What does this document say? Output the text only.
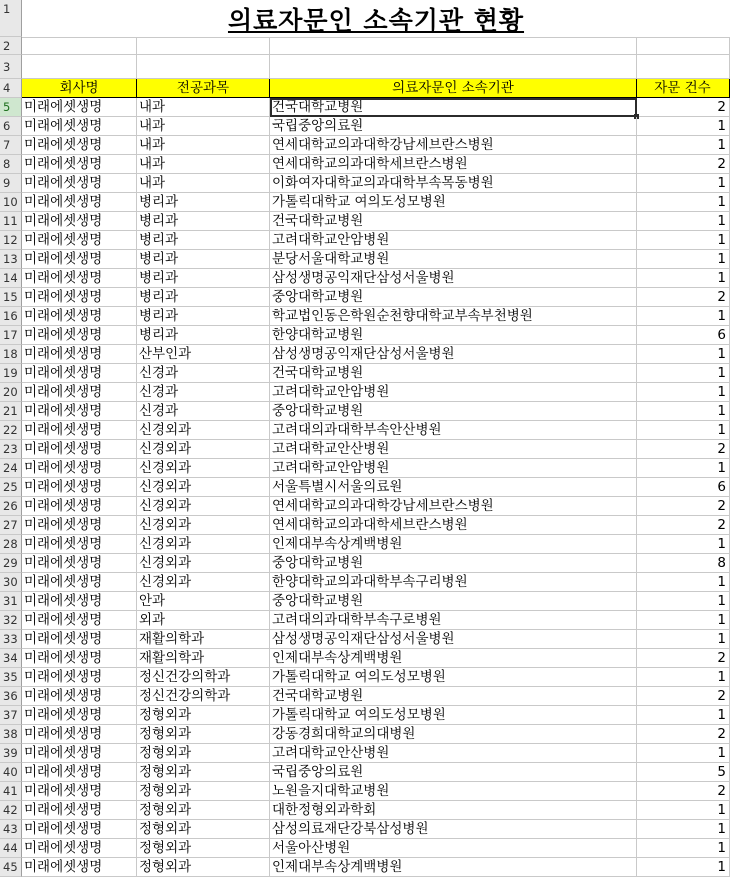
1	의료자문인 소속기관 현황
2
3
4	회사명	전공과목	의료자문인 소속기관	자문 건수
5	미래에셋생명	내과	건국대학교병원	2
6	미래에셋생명	내과	국립중앙의료원	1
7	미래에셋생명	내과	연세대학교의과대학강남세브란스병원	1
8	미래에셋생명	내과	연세대학교의과대학세브란스병원	2
9	미래에셋생명	내과	이화여자대학교의과대학부속목동병원	1
10 미래에셋생명	병리과	가톨릭대학교 여의도성모병원	1
11 미래에셋생명	병리과	건국대학교병원	1
12 미래에셋생명	병리과	고려대학교안암병원	1
13 미래에셋생명	병리과	분당서울대학교병원	1
14 미래에셋생명	병리과	삼성생명공익재단삼성서울병원	1
15 미래에셋생명	병리과	중앙대학교병원	2
16 미래에셋생명	병리과	학교법인동은학원순천향대학교부속부천병원	1
17 미래에셋생명	병리과	한양대학교병원	6
18 미래에셋생명	산부인과	삼성생명공익재단삼성서울병원	1
19 미래에셋생명	신경과	건국대학교병원	1
20 미래에셋생명	신경과	고려대학교안암병원	1
21 미래에셋생명	신경과	중앙대학교병원	1
22 미래에셋생명	신경외과	고려대의과대학부속안산병원	1
23 미래에셋생명	신경외과	고려대학교안산병원	2
24 미래에셋생명	신경외과	고려대학교안암병원	1
25 미래에셋생명	신경외과	서울특별시서울의료원	6
26 미래에셋생명	신경외과	연세대학교의과대학강남세브란스병원	2
27 미래에셋생명	신경외과	연세대학교의과대학세브란스병원	2
28 미래에셋생명	신경외과	인제대부속상계백병원	1
29 미래에셋생명	신경외과	중앙대학교병원	8
30 미래에셋생명	신경외과	한양대학교의과대학부속구리병원	1
31 미래에셋생명	안과	중앙대학교병원	1
32 미래에셋생명	외과	고려대의과대학부속구로병원	1
33 미래에셋생명	재활의학과	삼성생명공익재단삼성서울병원	1
34 미래에셋생명	재활의학과	인제대부속상계백병원	2
35 미래에셋생명	정신건강의학과	가톨릭대학교 여의도성모병원	1
36 미래에셋생명	정신건강의학과	건국대학교병원	2
37 미래에셋생명	정형외과	가톨릭대학교 여의도성모병원	1
38 미래에셋생명	정형외과	강동경희대학교의대병원	2
39 미래에셋생명	정형외과	고려대학교안산병원	1
40 미래에셋생명	정형외과	국립중앙의료원	5
41 미래에셋생명	정형외과	노원을지대학교병원	2
42 미래에셋생명	정형외과	대한정형외과학회	1
43 미래에셋생명	정형외과	삼성의료재단강북삼성병원	1
44 미래에셋생명	정형외과	서울아산병원	1
45 미래에셋생명	정형외과	인제대부속상계백병원	1
